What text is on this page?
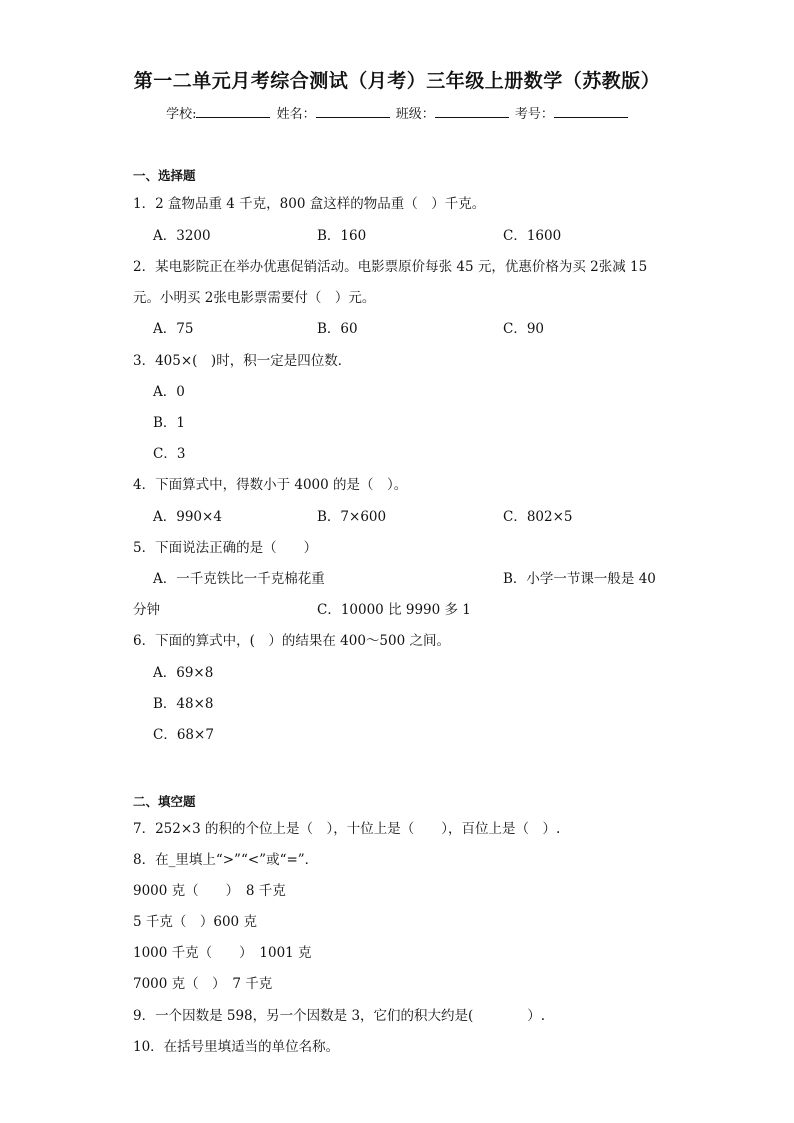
第一二单元月考综合测试（月考）三年级上册数学（苏教版）
学校:	姓名：	班级：	考号：
一、选择题
1．2 盒物品重 4 千克，800 盒这样的物品重（　）千克。
A．3200	B．160	C．1600
2．某电影院正在举办优惠促销活动。电影票原价每张 45 元，优惠价格为买 2张减 15
元。小明买 2张电影票需要付（　）元。
A．75	B．60	C．90
3．405×(　)时，积一定是四位数．
A．0
B．1
C．3
4．下面算式中，得数小于 4000 的是（　）。
A．990×4	B．7×600	C．802×5
5．下面说法正确的是（　　）
A．一千克铁比一千克棉花重	B．小学一节课一般是 40
分钟	C．10000 比 9990 多 1
6．下面的算式中，(　）的结果在 400～500 之间。
A．69×8
B．48×8
C．68×7
二、填空题
7．252×3 的积的个位上是（　），十位上是（　　），百位上是（　）.
8．在_里填上“>”“<”或“=”．
9000 克（　　）　8 千克
5 千克（　）600 克
1000 千克（　　）　1001 克
7000 克（　）　7 千克
9．一个因数是 598，另一个因数是 3，它们的积大约是(　　　　）.
10．在括号里填适当的单位名称。
